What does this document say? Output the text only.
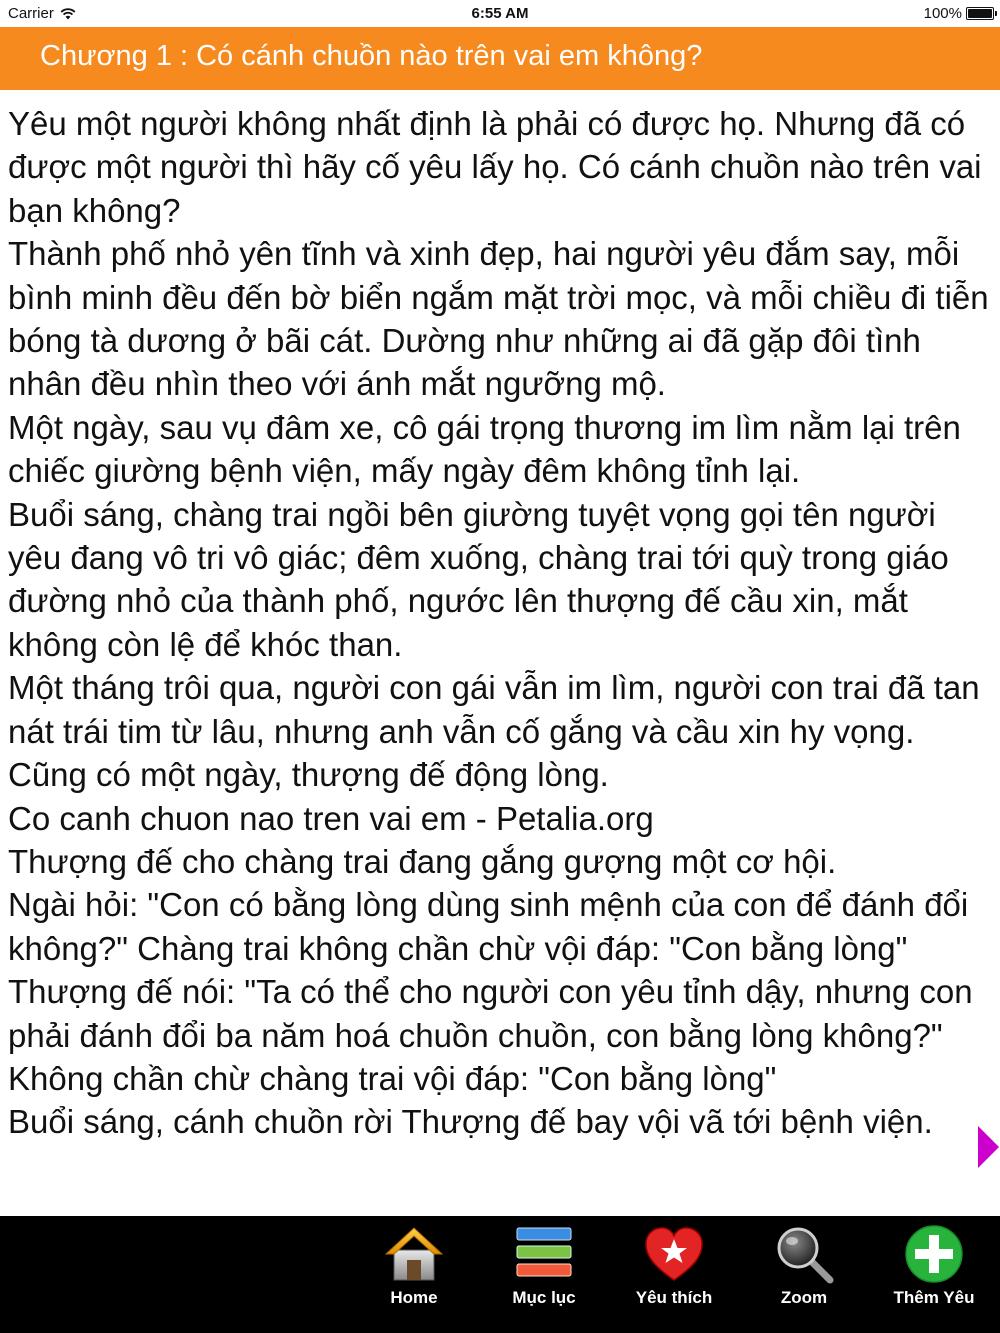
Carrier	6:55 AM	100%
Chương 1 : Có cánh chuồn nào trên vai em không?

Yêu một người không nhất định là phải có được họ. Nhưng đã có được một người thì hãy cố yêu lấy họ. Có cánh chuồn nào trên vai bạn không?

Thành phố nhỏ yên tĩnh và xinh đẹp, hai người yêu đắm say, mỗi bình minh đều đến bờ biển ngắm mặt trời mọc, và mỗi chiều đi tiễn bóng tà dương ở bãi cát. Dường như những ai đã gặp đôi tình nhân đều nhìn theo với ánh mắt ngưỡng mộ.

Một ngày, sau vụ đâm xe, cô gái trọng thương im lìm nằm lại trên chiếc giường bệnh viện, mấy ngày đêm không tỉnh lại.

Buổi sáng, chàng trai ngồi bên giường tuyệt vọng gọi tên người yêu đang vô tri vô giác; đêm xuống, chàng trai tới quỳ trong giáo đường nhỏ của thành phố, ngước lên thượng đế cầu xin, mắt không còn lệ để khóc than.

Một tháng trôi qua, người con gái vẫn im lìm, người con trai đã tan nát trái tim từ lâu, nhưng anh vẫn cố gắng và cầu xin hy vọng. Cũng có một ngày, thượng đế động lòng.

Co canh chuon nao tren vai em - Petalia.org

Thượng đế cho chàng trai đang gắng gượng một cơ hội.

Ngài hỏi: "Con có bằng lòng dùng sinh mệnh của con để đánh đổi không?" Chàng trai không chần chừ vội đáp: "Con bằng lòng"

Thượng đế nói: "Ta có thể cho người con yêu tỉnh dậy, nhưng con phải đánh đổi ba năm hoá chuồn chuồn, con bằng lòng không?" Không chần chừ chàng trai vội đáp: "Con bằng lòng"

Buổi sáng, cánh chuồn rời Thượng đế bay vội vã tới bệnh viện.

Home	Mục lục	Yêu thích	Zoom	Thêm Yêu
